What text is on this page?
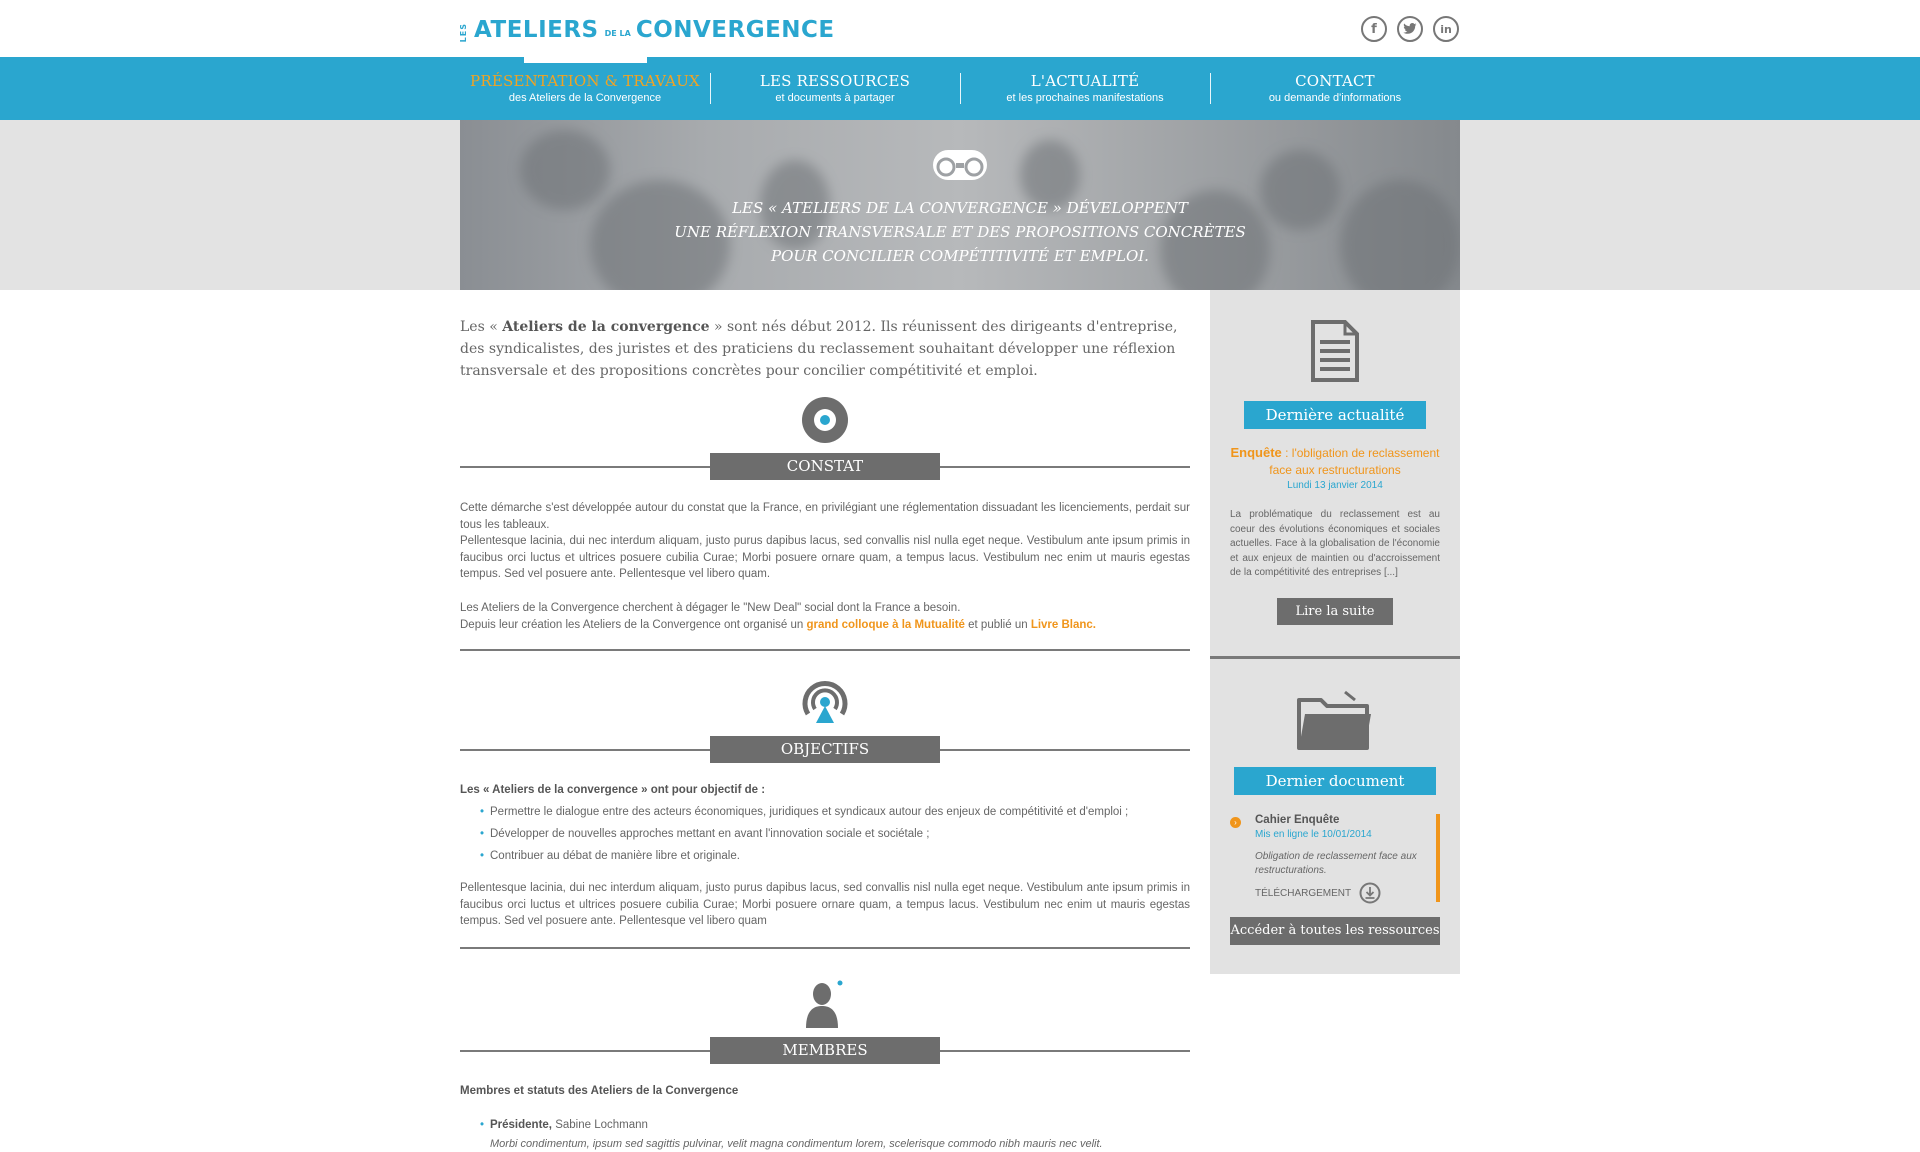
LES ATELIERS DE LA CONVERGENCE	f	in
PRÉSENTATION & TRAVAUX
des Ateliers de la Convergence
LES RESSOURCES
et documents à partager
L'ACTUALITÉ
et les prochaines manifestations
CONTACT
ou demande d'informations
LES « ATELIERS DE LA CONVERGENCE » DÉVELOPPENT
UNE RÉFLEXION TRANSVERSALE ET DES PROPOSITIONS CONCRÈTES
POUR CONCILIER COMPÉTITIVITÉ ET EMPLOI.

Les « Ateliers de la convergence » sont nés début 2012. Ils réunissent des dirigeants d'entreprise, des syndicalistes, des juristes et des praticiens du reclassement souhaitant développer une réflexion transversale et des propositions concrètes pour concilier compétitivité et emploi.

CONSTAT

Cette démarche s'est développée autour du constat que la France, en privilégiant une réglementation dissuadant les licenciements, perdait sur tous les tableaux.

Pellentesque lacinia, dui nec interdum aliquam, justo purus dapibus lacus, sed convallis nisl nulla eget neque. Vestibulum ante ipsum primis in faucibus orci luctus et ultrices posuere cubilia Curae; Morbi posuere ornare quam, a tempus lacus. Vestibulum nec enim ut mauris egestas tempus. Sed vel posuere ante. Pellentesque vel libero quam.

Les Ateliers de la Convergence cherchent à dégager le "New Deal" social dont la France a besoin.

Depuis leur création les Ateliers de la Convergence ont organisé un grand colloque à la Mutualité et publié un Livre Blanc.

OBJECTIFS
Les « Ateliers de la convergence » ont pour objectif de :
• Permettre le dialogue entre des acteurs économiques, juridiques et syndicaux autour des enjeux de compétitivité et d'emploi ;
• Développer de nouvelles approches mettant en avant l'innovation sociale et sociétale ;
• Contribuer au débat de manière libre et originale.

Pellentesque lacinia, dui nec interdum aliquam, justo purus dapibus lacus, sed convallis nisl nulla eget neque. Vestibulum ante ipsum primis in faucibus orci luctus et ultrices posuere cubilia Curae; Morbi posuere ornare quam, a tempus lacus. Vestibulum nec enim ut mauris egestas tempus. Sed vel posuere ante. Pellentesque vel libero quam

MEMBRES
Membres et statuts des Ateliers de la Convergence
• Présidente, Sabine Lochmann
Morbi condimentum, ipsum sed sagittis pulvinar, velit magna condimentum lorem, scelerisque commodo nibh mauris nec velit.
Dernière actualité
Enquête : l'obligation de reclassement face aux restructurations
Lundi 13 janvier 2014
La problématique du reclassement est au coeur des évolutions économiques et sociales actuelles. Face à la globalisation de l'économie et aux enjeux de maintien ou d'accroissement de la compétitivité des entreprises [...]
Lire la suite
Dernier document
›	Cahier Enquête
Mis en ligne le 10/01/2014
Obligation de reclassement face aux restructurations.
TÉLÉCHARGEMENT
Accéder à toutes les ressources
